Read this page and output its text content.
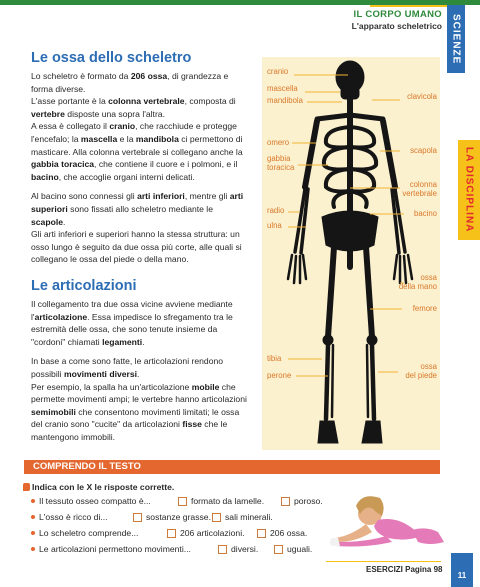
IL CORPO UMANO
L'apparato scheletrico SCIENZE
LA DISCIPLINA
Le ossa dello scheletro

Lo scheletro è formato da 206 ossa, di grandezza e forma diverse.

L'asse portante è la colonna vertebrale, composta di vertebre disposte una sopra l'altra.

A essa è collegato il cranio, che racchiude e protegge l'encefalo; la mascella e la mandibola ci permettono di masticare. Alla colonna vertebrale si collegano anche la gabbia toracica, che contiene il cuore e i polmoni, e il bacino, che accoglie organi interni delicati.

Al bacino sono connessi gli arti inferiori, mentre gli arti superiori sono fissati allo scheletro mediante le scapole.

Gli arti inferiori e superiori hanno la stessa struttura: un osso lungo è seguito da due ossa più corte, alle quali si collegano le ossa del piede o della mano.

Le articolazioni

Il collegamento tra due ossa vicine avviene mediante l'articolazione. Essa impedisce lo sfregamento tra le estremità delle ossa, che sono tenute insieme da "cordoni" chiamati legamenti.

In base a come sono fatte, le articolazioni rendono possibili movimenti diversi.

Per esempio, la spalla ha un'articolazione mobile che permette movimenti ampi; le vertebre hanno articolazioni semimobili che consentono movimenti limitati; le ossa del cranio sono "cucite" da articolazioni fisse che le mantengono immobili.

cranio
mascella
mandibola
omero
gabbia
toracica
radio
ulna
tibia
perone
clavicola
scapola
colonna
vertebrale
bacino
ossa
della mano
femore
ossa
del piede
COMPRENDO IL TESTO
Indica con le X le risposte corrette.
Il tessuto osseo compatto è...	formato da lamelle.	poroso.
L'osso è ricco di...	sostanze grasse. sali minerali.
Lo scheletro comprende...	206 articolazioni.	206 ossa.
Le articolazioni permettono movimenti...	diversi.	uguali.
ESERCIZI Pagina 98
11
